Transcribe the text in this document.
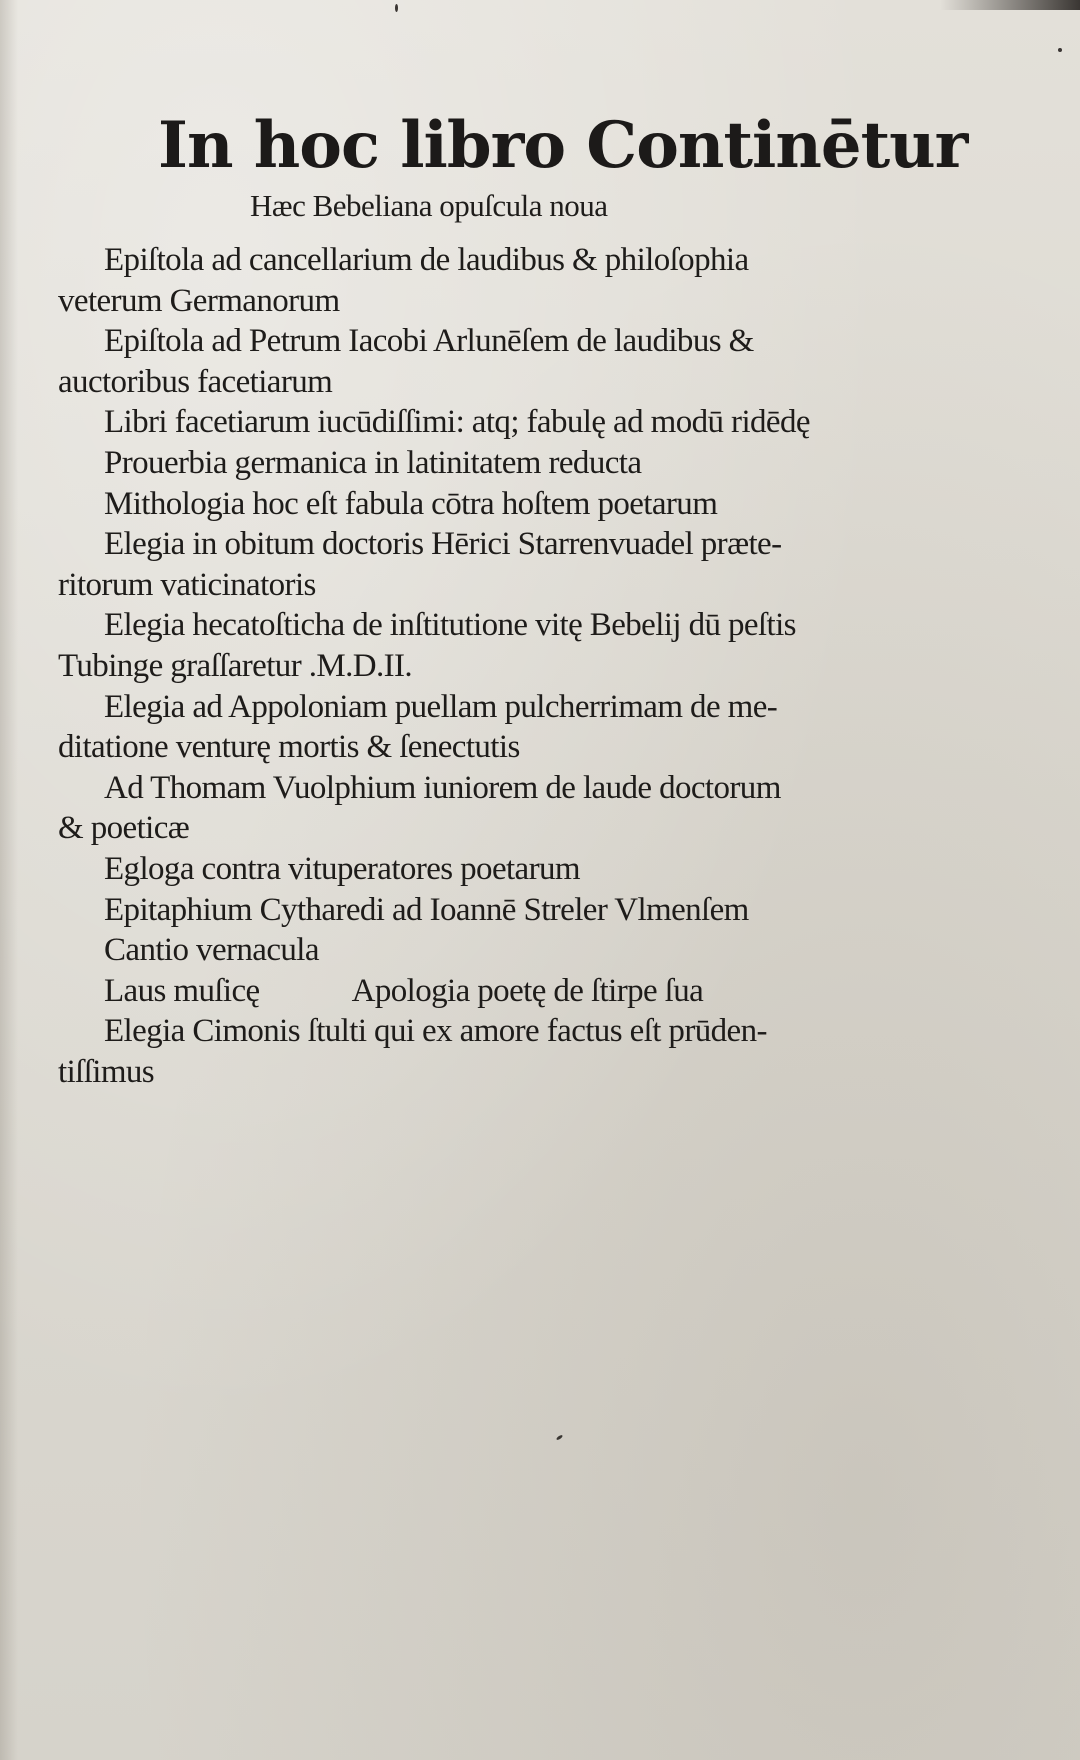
In hoc libro Continētur
Hæc Bebeliana opuſcula noua
Epiſtola ad cancellarium de laudibus & philoſophia
veterum Germanorum
Epiſtola ad Petrum Iacobi Arlunēſem de laudibus &
auctoribus facetiarum
Libri facetiarum iucūdiſſimi: atq; fabulę ad modū ridēdę
Prouerbia germanica in latinitatem reducta
Mithologia hoc eſt fabula cōtra hoſtem poetarum
Elegia in obitum doctoris Hērici Starrenvuadel præte-
ritorum vaticinatoris
Elegia hecatoſticha de inſtitutione vitę Bebelij dū peſtis
Tubinge graſſaretur .M.D.II.
Elegia ad Appoloniam puellam pulcherrimam de me-
ditatione venturę mortis & ſenectutis
Ad Thomam Vuolphium iuniorem de laude doctorum
& poeticæ
Egloga contra vituperatores poetarum
Epitaphium Cytharedi ad Ioannē Streler Vlmenſem
Cantio vernacula
Laus muſicę	Apologia poetę de ſtirpe ſua
Elegia Cimonis ſtulti qui ex amore factus eſt prūden-
tiſſimus
